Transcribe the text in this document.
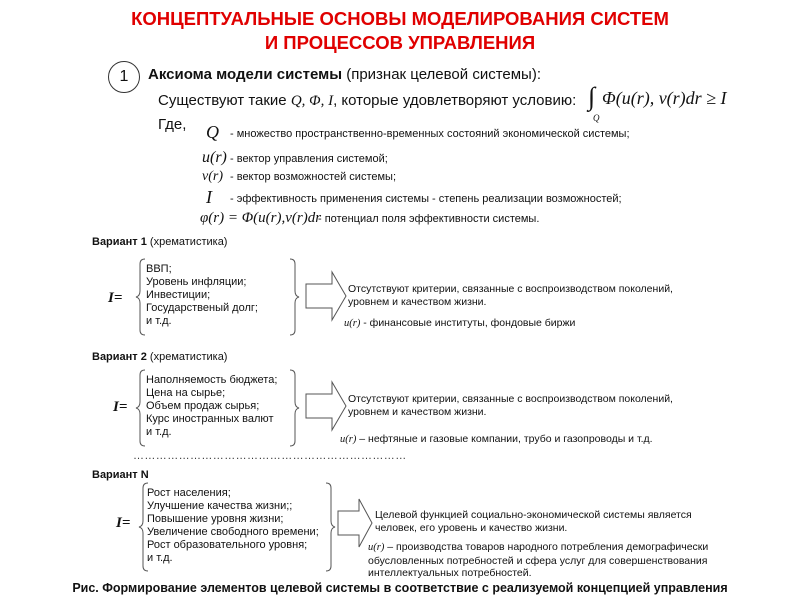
КОНЦЕПТУАЛЬНЫЕ ОСНОВЫ МОДЕЛИРОВАНИЯ СИСТЕМ
И ПРОЦЕССОВ УПРАВЛЕНИЯ
1	Аксиома модели системы (признак целевой системы):
Существуют такие Q, Φ, I, которые удовлетворяют условию: ∫
Q
Φ(u(r), v(r)dr ≥ I
Где, Q - множество пространственно-временных состояний экономической системы;
u(r) - вектор управления системой;
v(r) - вектор возможностей системы;
I - эффективность применения системы - степень реализации возможностей;
φ(r) = Φ(u(r),v(r)dr
- потенциал поля эффективности системы.
Вариант 1 (хрематистика)
I=
ВВП;
Уровень инфляции;
Инвестиции;
Государственый долг;
и т.д.
Отсутствуют критерии, связанные с воспроизводством поколений,
уровнем и качеством жизни.
u(r) - финансовые институты, фондовые биржи
Вариант 2 (хрематистика)
I=
Наполняемость бюджета;
Цена на сырье;
Объем продаж сырья;
Курс иностранных валют
и т.д.
Отсутствуют критерии, связанные с воспроизводством поколений,
уровнем и качеством жизни.
u(r) – нефтяные и газовые компании, трубо и газопроводы и т.д.
………………………………………………………………
Вариант N
I=
Рост населения;
Улучшение качества жизни;;
Повышение уровня жизни;
Увеличение свободного времени;
Рост образовательного уровня;
и т.д.
Целевой функцией социально-экономической системы является
человек, его уровень и качество жизни.
u(r) – производства товаров народного потребления демографически
обусловленных потребностей и сфера услуг для совершенствования
интеллектуальных потребностей.
Рис. Формирование элементов целевой системы в соответствие с реализуемой концепцией управления
